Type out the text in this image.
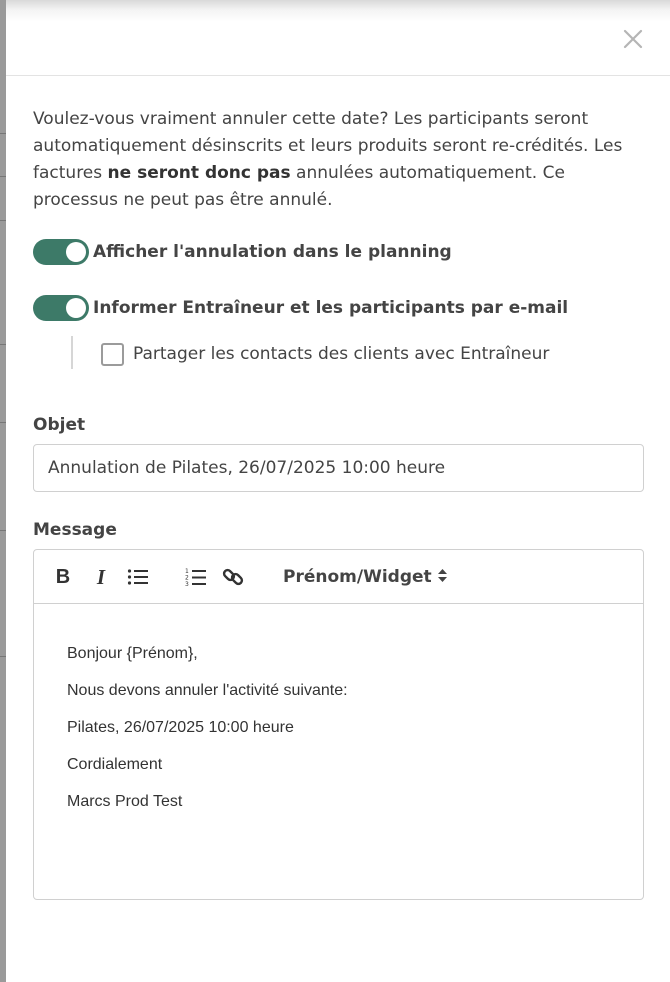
Voulez-vous vraiment annuler cette date? Les participants seront automatiquement désinscrits et leurs produits seront re-crédités. Les factures ne seront donc pas annulées automatiquement. Ce processus ne peut pas être annulé.
Afficher l'annulation dans le planning
Informer Entraîneur et les participants par e-mail
Partager les contacts des clients avec Entraîneur
Objet
Annulation de Pilates, 26/07/2025 10:00 heure
Message
B I	1
2
3	Prénom/Widget

Bonjour {Prénom},

Nous devons annuler l'activité suivante:

Pilates, 26/07/2025 10:00 heure

Cordialement

Marcs Prod Test
